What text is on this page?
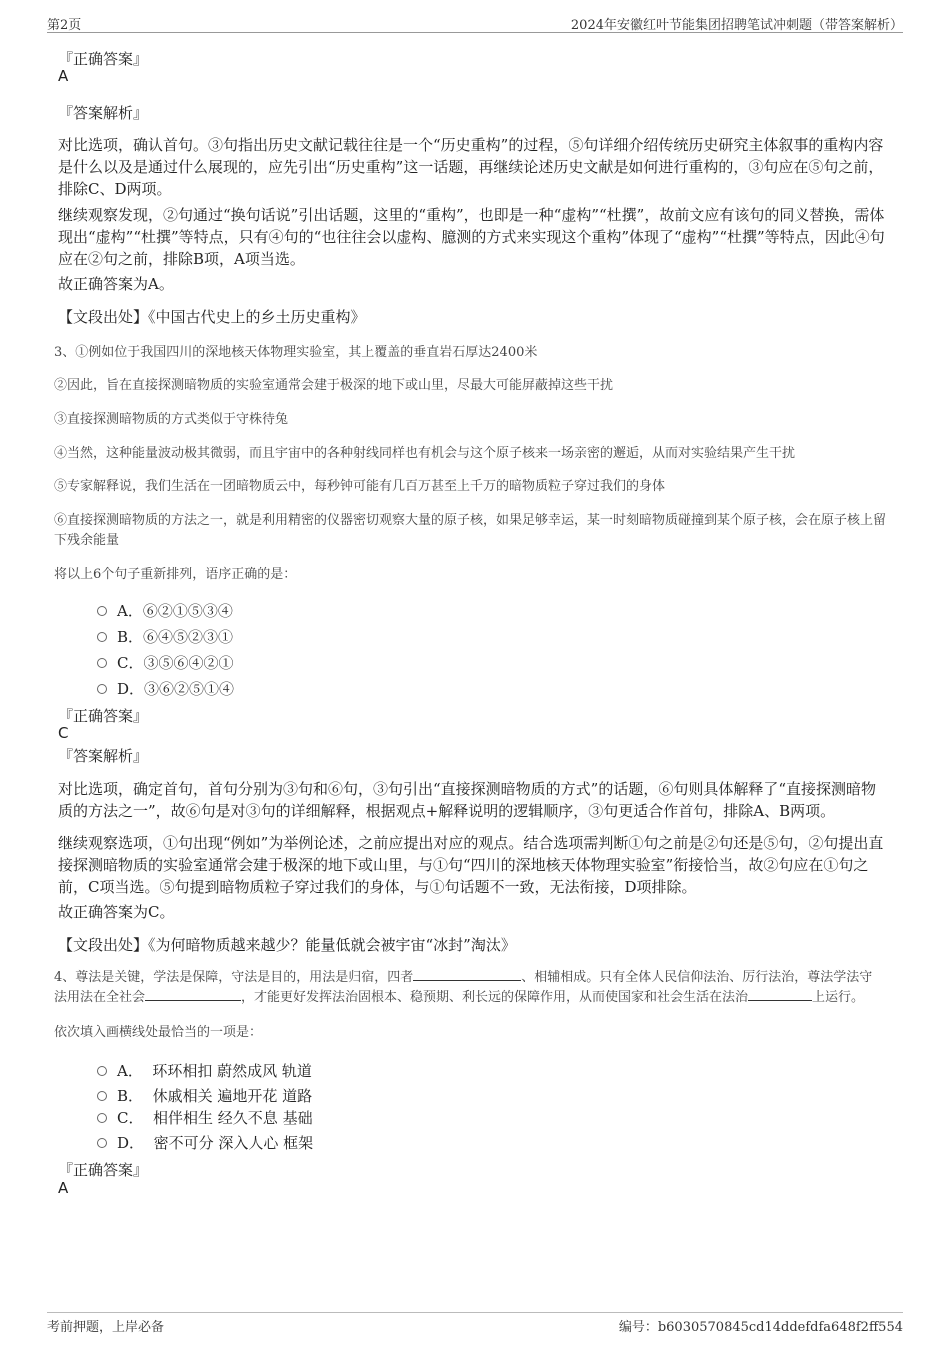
第2页	2024年安徽红叶节能集团招聘笔试冲刺题（带答案解析）
『正确答案』
A
『答案解析』
对比选项，确认首句。③句指出历史文献记载往往是一个“历史重构”的过程，⑤句详细介绍传统历史研究主体叙事的重构内容是什么以及是通过什么展现的，应先引出“历史重构”这一话题，再继续论述历史文献是如何进行重构的，③句应在⑤句之前，排除C、D两项。
继续观察发现，②句通过“换句话说”引出话题，这里的“重构”，也即是一种“虚构”“杜撰”，故前文应有该句的同义替换，需体现出“虚构”“杜撰”等特点，只有④句的“也往往会以虚构、臆测的方式来实现这个重构”体现了“虚构”“杜撰”等特点，因此④句应在②句之前，排除B项，A项当选。
故正确答案为A。
【文段出处】《中国古代史上的乡土历史重构》
3、①例如位于我国四川的深地核天体物理实验室，其上覆盖的垂直岩石厚达2400米
②因此，旨在直接探测暗物质的实验室通常会建于极深的地下或山里，尽最大可能屏蔽掉这些干扰
③直接探测暗物质的方式类似于守株待兔
④当然，这种能量波动极其微弱，而且宇宙中的各种射线同样也有机会与这个原子核来一场亲密的邂逅，从而对实验结果产生干扰
⑤专家解释说，我们生活在一团暗物质云中，每秒钟可能有几百万甚至上千万的暗物质粒子穿过我们的身体
⑥直接探测暗物质的方法之一，就是利用精密的仪器密切观察大量的原子核，如果足够幸运，某一时刻暗物质碰撞到某个原子核，会在原子核上留下残余能量
将以上6个句子重新排列，语序正确的是：
A．⑥②①⑤③④
B．⑥④⑤②③①
C．③⑤⑥④②①
D．③⑥②⑤①④
『正确答案』
C
『答案解析』
对比选项，确定首句，首句分别为③句和⑥句，③句引出“直接探测暗物质的方式”的话题，⑥句则具体解释了“直接探测暗物质的方法之一”，故⑥句是对③句的详细解释，根据观点+解释说明的逻辑顺序，③句更适合作首句，排除A、B两项。
继续观察选项，①句出现“例如”为举例论述，之前应提出对应的观点。结合选项需判断①句之前是②句还是⑤句，②句提出直接探测暗物质的实验室通常会建于极深的地下或山里，与①句“四川的深地核天体物理实验室”衔接恰当，故②句应在①句之前，C项当选。⑤句提到暗物质粒子穿过我们的身体，与①句话题不一致，无法衔接，D项排除。
故正确答案为C。
【文段出处】《为何暗物质越来越少？能量低就会被宇宙“冰封”淘汰》
4、尊法是关键，学法是保障，守法是目的，用法是归宿，四者	、相辅相成。只有全体人民信仰法治、厉行法治，尊法学法守
法用法在全社会	，才能更好发挥法治固根本、稳预期、利长远的保障作用，从而使国家和社会生活在法治	上运行。
依次填入画横线处最恰当的一项是：
A． 环环相扣 蔚然成风 轨道
B． 休戚相关 遍地开花 道路
C． 相伴相生 经久不息 基础
D． 密不可分 深入人心 框架
『正确答案』
A
考前押题，上岸必备	编号：b6030570845cd14ddefdfa648f2ff554
